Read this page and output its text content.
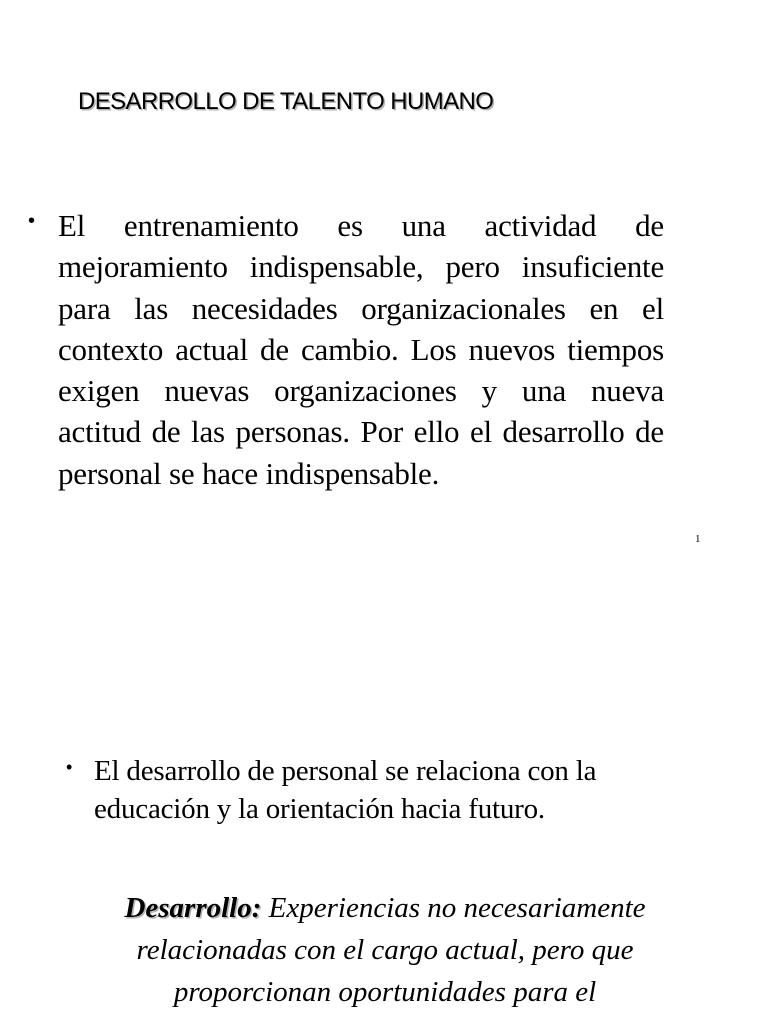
DESARROLLO DE TALENTO HUMANO
• El entrenamiento es una actividad de mejoramiento indispensable, pero insuficiente para las necesidades organizacionales en el contexto actual de cambio. Los nuevos tiempos exigen nuevas organizaciones y una nueva actitud de las personas. Por ello el desarrollo de personal se hace indispensable.

1
• El desarrollo de personal se relaciona con la educación y la orientación hacia futuro.

Desarrollo: Experiencias no necesariamente relacionadas con el cargo actual, pero que proporcionan oportunidades para el
